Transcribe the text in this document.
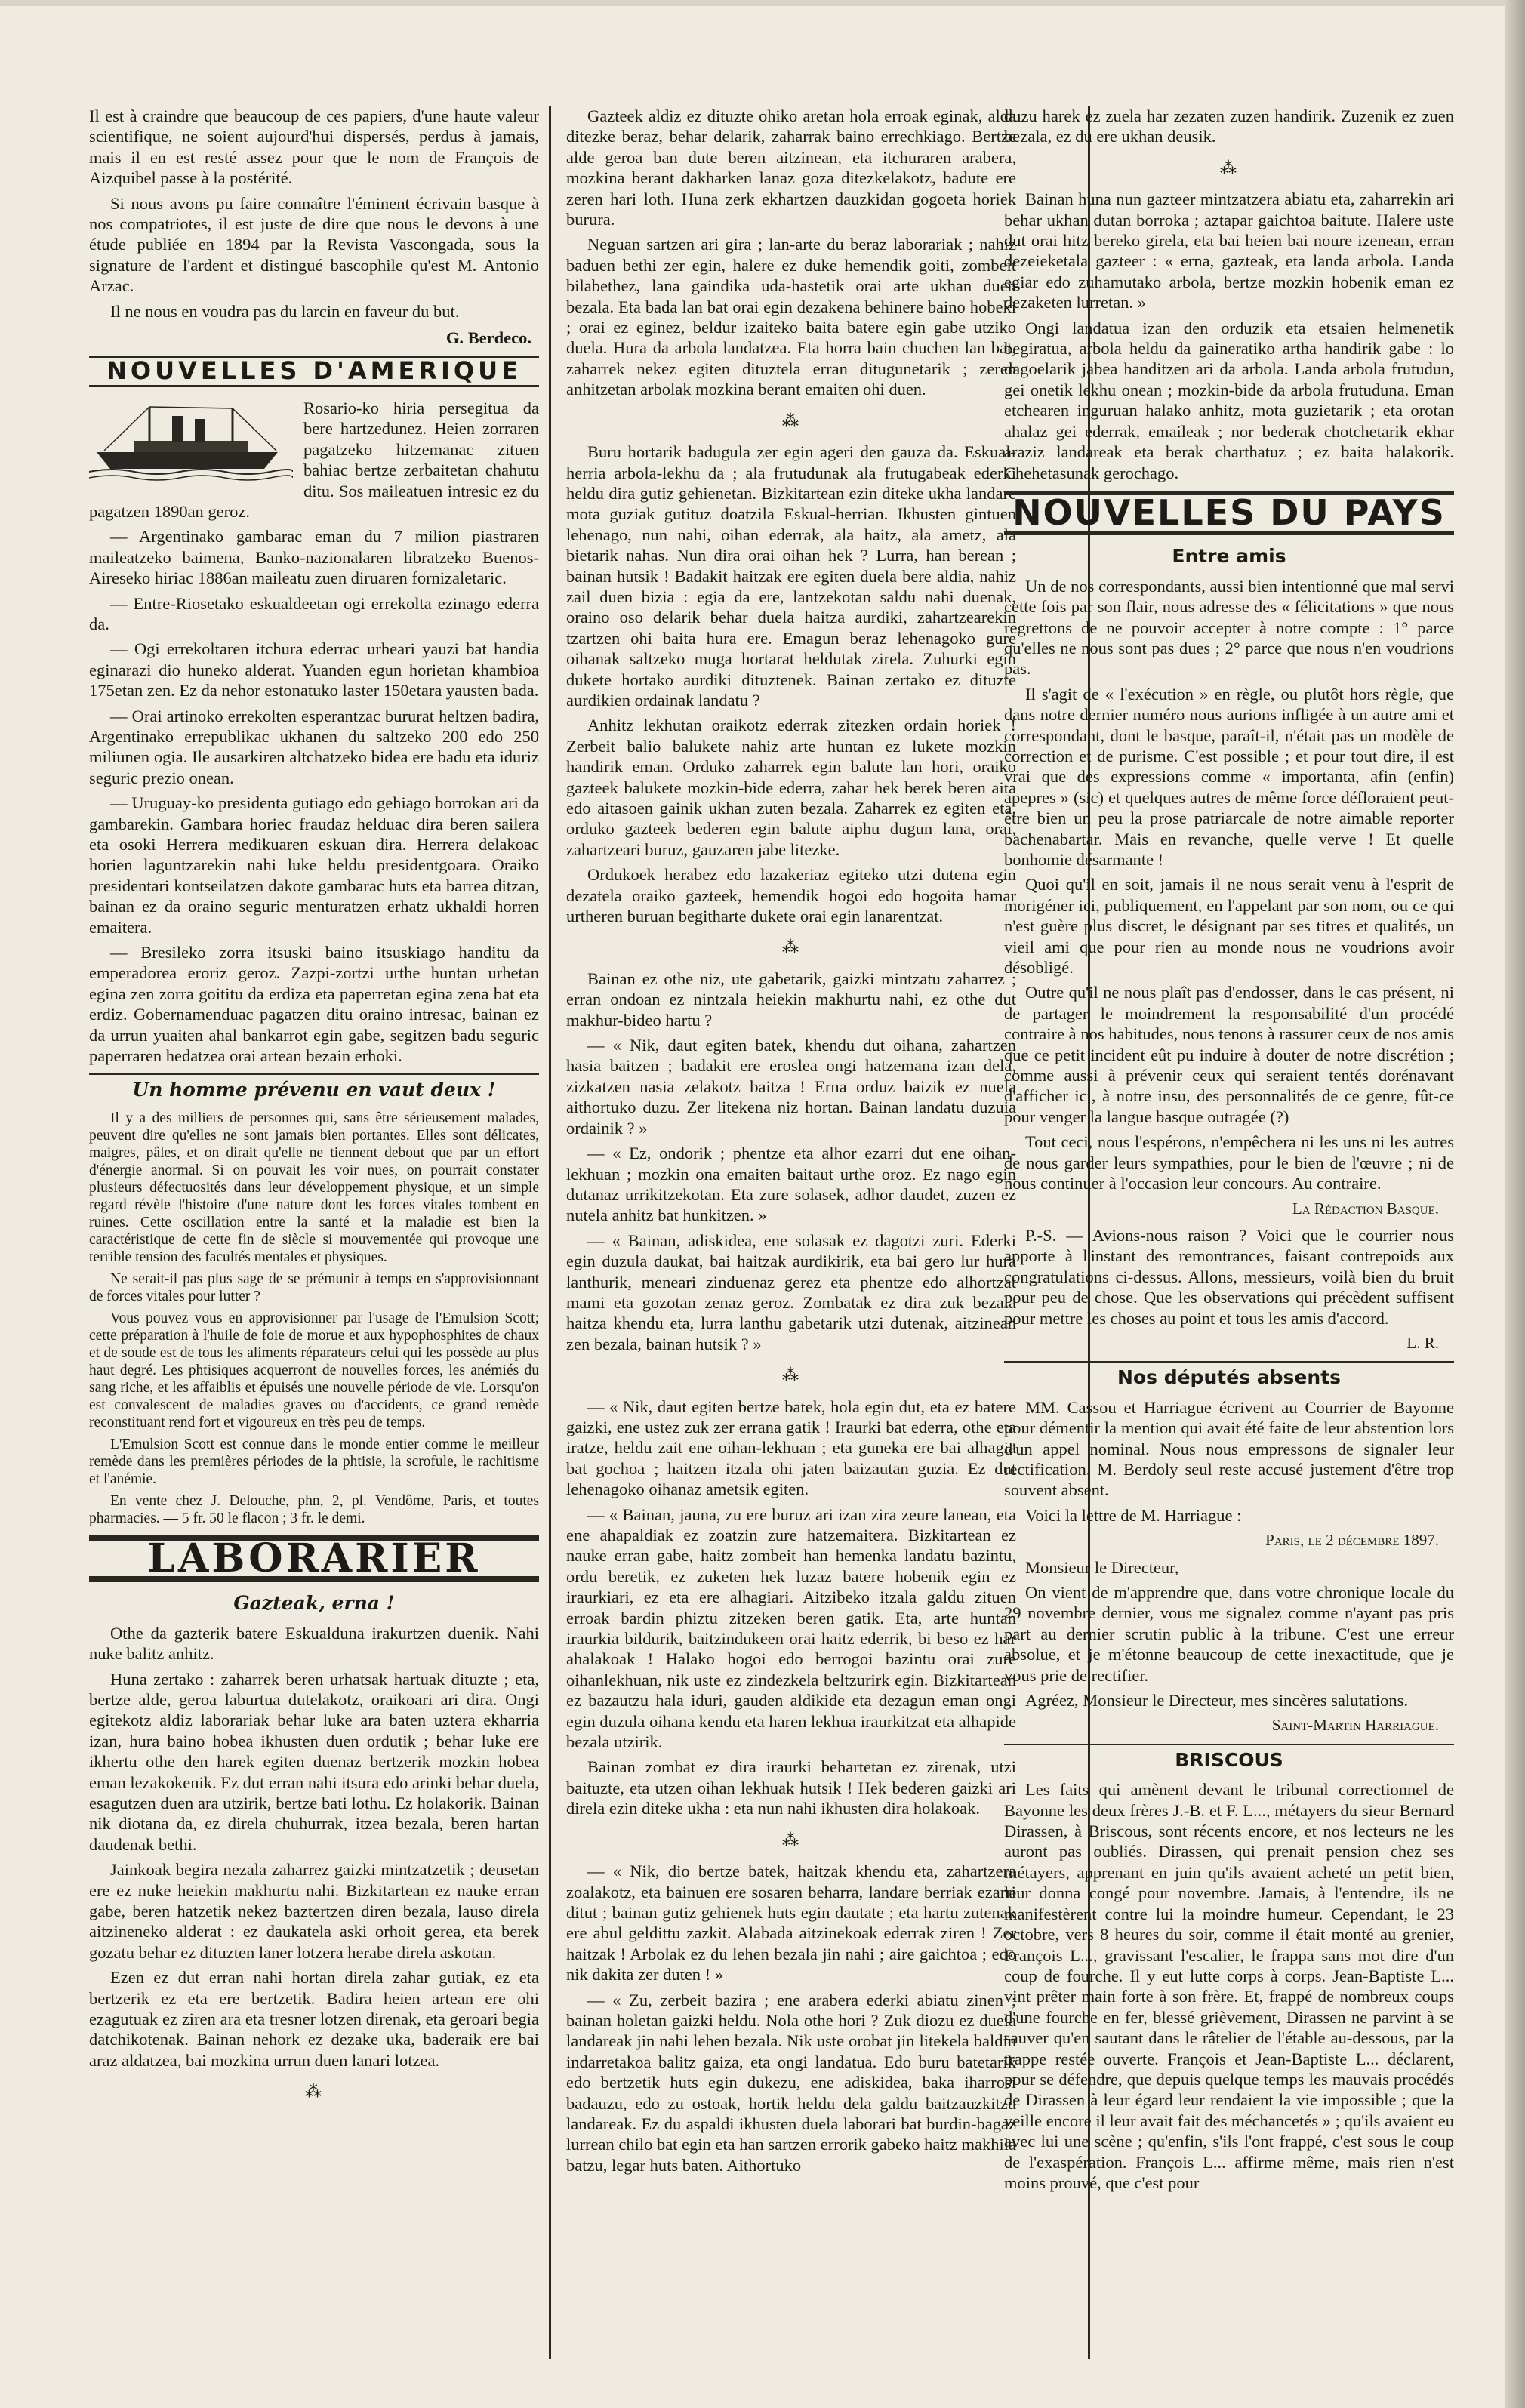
Il est à craindre que beaucoup de ces papiers, d'une haute valeur scientifique, ne soient aujourd'hui dispersés, perdus à jamais, mais il en est resté assez pour que le nom de François de Aizquibel passe à la postérité.

Si nous avons pu faire connaître l'éminent écrivain basque à nos compatriotes, il est juste de dire que nous le devons à une étude publiée en 1894 par la Revista Vascongada, sous la signature de l'ardent et distingué bascophile qu'est M. Antonio Arzac.

Il ne nous en voudra pas du larcin en faveur du but.

G. Berdeco.
NOUVELLES D'AMERIQUE

Rosario-ko hiria persegitua da bere hartzedunez. Heien zorraren pagatzeko hitzemanac zituen bahiac bertze zerbaitetan chahutu ditu. Sos maileatuen intresic ez du pagatzen 1890an geroz.

— Argentinako gambarac eman du 7 milion piastraren maileatzeko baimena, Banko-nazionalaren libratzeko Buenos-Aireseko hiriac 1886an maileatu zuen diruaren fornizaletaric.

— Entre-Riosetako eskualdeetan ogi errekolta ezinago ederra da.

— Ogi errekoltaren itchura ederrac urheari yauzi bat handia eginarazi dio huneko alderat. Yuanden egun horietan khambioa 175etan zen. Ez da nehor estonatuko laster 150etara yausten bada.

— Orai artinoko errekolten esperantzac bururat heltzen badira, Argentinako errepublikac ukhanen du saltzeko 200 edo 250 miliunen ogia. Ile ausarkiren altchatzeko bidea ere badu eta iduriz seguric prezio onean.

— Uruguay-ko presidenta gutiago edo gehiago borrokan ari da gambarekin. Gambara horiec fraudaz helduac dira beren sailera eta osoki Herrera medikuaren eskuan dira. Herrera delakoac horien laguntzarekin nahi luke heldu presidentgoara. Oraiko presidentari kontseilatzen dakote gambarac huts eta barrea ditzan, bainan ez da oraino seguric menturatzen erhatz ukhaldi horren emaitera.

— Bresileko zorra itsuski baino itsuskiago handitu da emperadorea eroriz geroz. Zazpi-zortzi urthe huntan urhetan egina zen zorra goititu da erdiza eta paperretan egina zena bat eta erdiz. Gobernamenduac pagatzen ditu oraino intresac, bainan ez da urrun yuaiten ahal bankarrot egin gabe, segitzen badu seguric paperraren hedatzea orai artean bezain erhoki.

Un homme prévenu en vaut deux !

Il y a des milliers de personnes qui, sans être sérieusement malades, peuvent dire qu'elles ne sont jamais bien portantes. Elles sont délicates, maigres, pâles, et on dirait qu'elle ne tiennent debout que par un effort d'énergie anormal. Si on pouvait les voir nues, on pourrait constater plusieurs défectuosités dans leur développement physique, et un simple regard révèle l'histoire d'une nature dont les forces vitales tombent en ruines. Cette oscillation entre la santé et la maladie est bien la caractéristique de cette fin de siècle si mouvementée qui provoque une terrible tension des facultés mentales et physiques.

Ne serait-il pas plus sage de se prémunir à temps en s'approvisionnant de forces vitales pour lutter ?

Vous pouvez vous en approvisionner par l'usage de l'Emulsion Scott; cette préparation à l'huile de foie de morue et aux hypophosphites de chaux et de soude est de tous les aliments réparateurs celui qui les possède au plus haut degré. Les phtisiques acquerront de nouvelles forces, les anémiés du sang riche, et les affaiblis et épuisés une nouvelle période de vie. Lorsqu'on est convalescent de maladies graves ou d'accidents, ce grand remède reconstituant rend fort et vigoureux en très peu de temps.

L'Emulsion Scott est connue dans le monde entier comme le meilleur remède dans les premières périodes de la phtisie, la scrofule, le rachitisme et l'anémie.

En vente chez J. Delouche, phn, 2, pl. Vendôme, Paris, et toutes pharmacies. — 5 fr. 50 le flacon ; 3 fr. le demi.

LABORARIER
Gazteak, erna !

Othe da gazterik batere Eskualduna irakurtzen duenik. Nahi nuke balitz anhitz.

Huna zertako : zaharrek beren urhatsak hartuak dituzte ; eta, bertze alde, geroa laburtua dutelakotz, oraikoari ari dira. Ongi egitekotz aldiz laborariak behar luke ara baten uztera ekharria izan, hura baino hobea ikhusten duen ordutik ; behar luke ere ikhertu othe den harek egiten duenaz bertzerik mozkin hobea eman lezakokenik. Ez dut erran nahi itsura edo arinki behar duela, esagutzen duen ara utzirik, bertze bati lothu. Ez holakorik. Bainan nik diotana da, ez direla chuhurrak, itzea bezala, beren hartan daudenak bethi.

Jainkoak begira nezala zaharrez gaizki mintzatzetik ; deusetan ere ez nuke heiekin makhurtu nahi. Bizkitartean ez nauke erran gabe, beren hatzetik nekez baztertzen diren bezala, lauso direla aitzineneko alderat : ez daukatela aski orhoit gerea, eta berek gozatu behar ez dituzten laner lotzera herabe direla askotan.

Ezen ez dut erran nahi hortan direla zahar gutiak, ez eta bertzerik ez eta ere bertzetik. Badira heien artean ere ohi ezagutuak ez ziren ara eta tresner lotzen direnak, eta geroari begia datchikotenak. Bainan nehork ez dezake uka, baderaik ere bai araz aldatzea, bai mozkina urrun duen lanari lotzea.

⁂

Gazteek aldiz ez dituzte ohiko aretan hola erroak eginak, alda ditezke beraz, behar delarik, zaharrak baino errechkiago. Bertze alde geroa ban dute beren aitzinean, eta itchuraren arabera, mozkina berant dakharken lanaz goza ditezkelakotz, badute ere zeren hari loth. Huna zerk ekhartzen dauzkidan gogoeta horiek burura.

Neguan sartzen ari gira ; lan-arte du beraz laborariak ; nahiz baduen bethi zer egin, halere ez duke hemendik goiti, zombeit bilabethez, lana gaindika uda-hastetik orai arte ukhan duen bezala. Eta bada lan bat orai egin dezakena behinere baino hobeki ; orai ez eginez, beldur izaiteko baita batere egin gabe utziko duela. Hura da arbola landatzea. Eta horra bain chuchen lan bat, zaharrek nekez egiten dituztela erran ditugunetarik ; zeren anhitzetan arbolak mozkina berant emaiten ohi duen.

⁂

Buru hortarik badugula zer egin ageri den gauza da. Eskual-herria arbola-lekhu da ; ala frutudunak ala frutugabeak ederki heldu dira gutiz gehienetan. Bizkitartean ezin diteke ukha landare mota guziak gutituz doatzila Eskual-herrian. Ikhusten gintuen lehenago, nun nahi, oihan ederrak, ala haitz, ala ametz, ala bietarik nahas. Nun dira orai oihan hek ? Lurra, han berean ; bainan hutsik ! Badakit haitzak ere egiten duela bere aldia, nahiz zail duen bizia : egia da ere, lantzekotan saldu nahi duenak, oraino oso delarik behar duela haitza aurdiki, zahartzearekin tzartzen ohi baita hura ere. Emagun beraz lehenagoko gure oihanak saltzeko muga hortarat heldutak zirela. Zuhurki egin dukete hortako aurdiki dituztenek. Bainan zertako ez dituzte aurdikien ordainak landatu ?

Anhitz lekhutan oraikotz ederrak zitezken ordain horiek ! Zerbeit balio balukete nahiz arte huntan ez lukete mozkin handirik eman. Orduko zaharrek egin balute lan hori, oraiko gazteek balukete mozkin-bide ederra, zahar hek berek beren aita edo aitasoen gainik ukhan zuten bezala. Zaharrek ez egiten eta, orduko gazteek bederen egin balute aiphu dugun lana, orai, zahartzeari buruz, gauzaren jabe litezke.

Ordukoek herabez edo lazakeriaz egiteko utzi dutena egin dezatela oraiko gazteek, hemendik hogoi edo hogoita hamar urtheren buruan begitharte dukete orai egin lanarentzat.

⁂

Bainan ez othe niz, ute gabetarik, gaizki mintzatu zaharrez ; erran ondoan ez nintzala heiekin makhurtu nahi, ez othe dut makhur-bideo hartu ?

— « Nik, daut egiten batek, khendu dut oihana, zahartzen hasia baitzen ; badakit ere erosleа ongi hatzemana izan dela, zizkatzen nasia zelakotz baitza ! Erna orduz baizik ez nuela aithortuko duzu. Zer litekena niz hortan. Bainan landatu duzuia ordainik ? »

— « Ez, ondorik ; phentze eta alhor ezarri dut ene oihan-lekhuan ; mozkin ona emaiten baitaut urthe oroz. Ez nago egin dutanaz urrikitzekotan. Eta zure solasek, adhor daudet, zuzen ez nutela anhitz bat hunkitzen. »

— « Bainan, adiskidea, ene solasak ez dagotzi zuri. Ederki egin duzula daukat, bai haitzak aurdikirik, eta bai gero lur hura lanthurik, meneari zinduenaz gerez eta phentze edo alhortzat mami eta gozotan zenaz geroz. Zombatak ez dira zuk bezala haitza khendu eta, lurra lanthu gabetarik utzi dutenak, aitzinean zen bezala, bainan hutsik ? »

⁂

— « Nik, daut egiten bertze batek, hola egin dut, eta ez batere gaizki, ene ustez zuk zer errana gatik ! Iraurki bat ederra, othe eta iratze, heldu zait ene oihan-lekhuan ; eta guneka ere bai alhagia bat gochoa ; haitzen itzala ohi jaten baizautan guzia. Ez dut lehenagoko oihanaz ametsik egiten.

— « Bainan, jauna, zu ere buruz ari izan zira zeure lanean, eta ene ahapaldiak ez zoatzin zure hatzemaitera. Bizkitartean ez nauke erran gabe, haitz zombeit han hemenka landatu bazintu, ordu beretik, ez zuketen hek luzaz batere hobenik egin ez iraurkiari, ez eta ere alhagiari. Aitzibeko itzala galdu zituen erroak bardin phiztu zitzeken beren gatik. Eta, arte huntan iraurkia bildurik, baitzindukeen orai haitz ederrik, bi beso ez har ahalakoak ! Halako hogoi edo berrogoi bazintu orai zure oihanlekhuan, nik uste ez zindezkela beltzurirk egin. Bizkitartean ez bazautzu hala iduri, gauden aldikide eta dezagun eman ongi egin duzula oihana kendu eta haren lekhua iraurkitzat eta alhapide bezala utzirik.

Bainan zombat ez dira iraurki behartetan ez zirenak, utzi baituzte, eta utzen oihan lekhuak hutsik ! Hek bederen gaizki ari direla ezin diteke ukha : eta nun nahi ikhusten dira holakoak.

⁂

— « Nik, dio bertze batek, haitzak khendu eta, zahartzera zoalakotz, eta bainuen ere sosaren beharra, landare berriak ezarri ditut ; bainan gutiz gehienek huts egin dautate ; eta hartu zutenak ere abul geldittu zazkit. Alabada aitzinekoak ederrak ziren ! Zer haitzak ! Arbolak ez du lehen bezala jin nahi ; aire gaichtoa ; edo nik dakita zer duten ! »

— « Zu, zerbeit bazira ; ene arabera ederki abiatu zinen ; bainan holetan gaizki heldu. Nola othe hori ? Zuk diozu ez duela landareak jin nahi lehen bezala. Nik uste orobat jin litekela baldin indarretakoa balitz gaiza, eta ongi landatua. Edo buru batetarik edo bertzetik huts egin dukezu, ene adiskidea, baka iharrosi badauzu, edo zu ostoak, hortik heldu dela galdu baitzauzkitzu landareak. Ez du aspaldi ikhusten duela laborari bat burdin-bagaz lurrean chilo bat egin eta han sartzen errorik gabeko haitz makhila batzu, legar huts baten. Aithortuko

duzu harek ez zuela har zezaten zuzen handirik. Zuzenik ez zuen bezala, ez du ere ukhan deusik.

⁂

Bainan huna nun gazteer mintzatzera abiatu eta, zaharrekin ari behar ukhan dutan borroka ; aztapar gaichtoa baitute. Halere uste dut orai hitz bereko girela, eta bai heien bai noure izenean, erran dezeieketala gazteer : « erna, gazteak, eta landa arbola. Landa egiar edo zuhamutako arbola, bertze mozkin hobenik eman ez dezaketen lurretan. »

Ongi landatua izan den orduzik eta etsaien helmenetik begiratua, arbola heldu da gaineratiko artha handirik gabe : lo dagoelarik jabea handitzen ari da arbola. Landa arbola frutudun, gei onetik lekhu onean ; mozkin-bide da arbola frutuduna. Eman etchearen inguruan halako anhitz, mota guzietarik ; eta orotan ahalaz gei ederrak, emaileak ; nor bederak chotchetarik ekhar araziz landareak eta berak charthatuz ; ez baita halakorik. Chehetasunak gerochago.

NOUVELLES DU PAYS
Entre amis

Un de nos correspondants, aussi bien intentionné que mal servi cette fois par son flair, nous adresse des « félicitations » que nous regrettons de ne pouvoir accepter à notre compte : 1° parce qu'elles ne nous sont pas dues ; 2° parce que nous n'en voudrions pas.

Il s'agit de « l'exécution » en règle, ou plutôt hors règle, que dans notre dernier numéro nous aurions infligée à un autre ami et correspondant, dont le basque, paraît-il, n'était pas un modèle de correction et de purisme. C'est possible ; et pour tout dire, il est vrai que des expressions comme « importanta, afin (enfin) apepres » (sic) et quelques autres de même force défloraient peut-être bien un peu la prose patriarcale de notre aimable reporter bachenabartar. Mais en revanche, quelle verve ! Et quelle bonhomie désarmante !

Quoi qu'il en soit, jamais il ne nous serait venu à l'esprit de morigéner ici, publiquement, en l'appelant par son nom, ou ce qui n'est guère plus discret, le désignant par ses titres et qualités, un vieil ami que pour rien au monde nous ne voudrions avoir désobligé.

Outre qu'il ne nous plaît pas d'endosser, dans le cas présent, ni de partager le moindrement la responsabilité d'un procédé contraire à nos habitudes, nous tenons à rassurer ceux de nos amis que ce petit incident eût pu induire à douter de notre discrétion ; comme aussi à prévenir ceux qui seraient tentés dorénavant d'afficher ici, à notre insu, des personnalités de ce genre, fût-ce pour venger la langue basque outragée (?)

Tout ceci, nous l'espérons, n'empêchera ni les uns ni les autres de nous garder leurs sympathies, pour le bien de l'œuvre ; ni de nous continuer à l'occasion leur concours. Au contraire.

La Rédaction Basque.

P.-S. — Avions-nous raison ? Voici que le courrier nous apporte à l'instant des remontrances, faisant contrepoids aux congratulations ci-dessus. Allons, messieurs, voilà bien du bruit pour peu de chose. Que les observations qui précèdent suffisent pour mettre les choses au point et tous les amis d'accord.

L. R.
Nos députés absents

MM. Cassou et Harriague écrivent au Courrier de Bayonne pour démentir la mention qui avait été faite de leur abstention lors d'un appel nominal. Nous nous empressons de signaler leur rectification. M. Berdoly seul reste accusé justement d'être trop souvent absent.

Voici la lettre de M. Harriague :

Paris, le 2 décembre 1897.

Monsieur le Directeur,

On vient de m'apprendre que, dans votre chronique locale du 29 novembre dernier, vous me signalez comme n'ayant pas pris part au dernier scrutin public à la tribune. C'est une erreur absolue, et je m'étonne beaucoup de cette inexactitude, que je vous prie de rectifier.

Agréez, Monsieur le Directeur, mes sincères salutations.

Saint-Martin Harriague.
BRISCOUS

Les faits qui amènent devant le tribunal correctionnel de Bayonne les deux frères J.-B. et F. L..., métayers du sieur Bernard Dirassen, à Briscous, sont récents encore, et nos lecteurs ne les auront pas oubliés. Dirassen, qui prenait pension chez ses métayers, apprenant en juin qu'ils avaient acheté un petit bien, leur donna congé pour novembre. Jamais, à l'entendre, ils ne manifestèrent contre lui la moindre humeur. Cependant, le 23 octobre, vers 8 heures du soir, comme il était monté au grenier, François L..., gravissant l'escalier, le frappa sans mot dire d'un coup de fourche. Il y eut lutte corps à corps. Jean-Baptiste L... vint prêter main forte à son frère. Et, frappé de nombreux coups d'une fourche en fer, blessé grièvement, Dirassen ne parvint à se sauver qu'en sautant dans le râtelier de l'étable au-dessous, par la trappe restée ouverte. François et Jean-Baptiste L... déclarent, pour se défendre, que depuis quelque temps les mauvais procédés de Dirassen à leur égard leur rendaient la vie impossible ; que la veille encore il leur avait fait des méchancetés » ; qu'ils avaient eu avec lui une scène ; qu'enfin, s'ils l'ont frappé, c'est sous le coup de l'exaspération. François L... affirme même, mais rien n'est moins prouvé, que c'est pour
